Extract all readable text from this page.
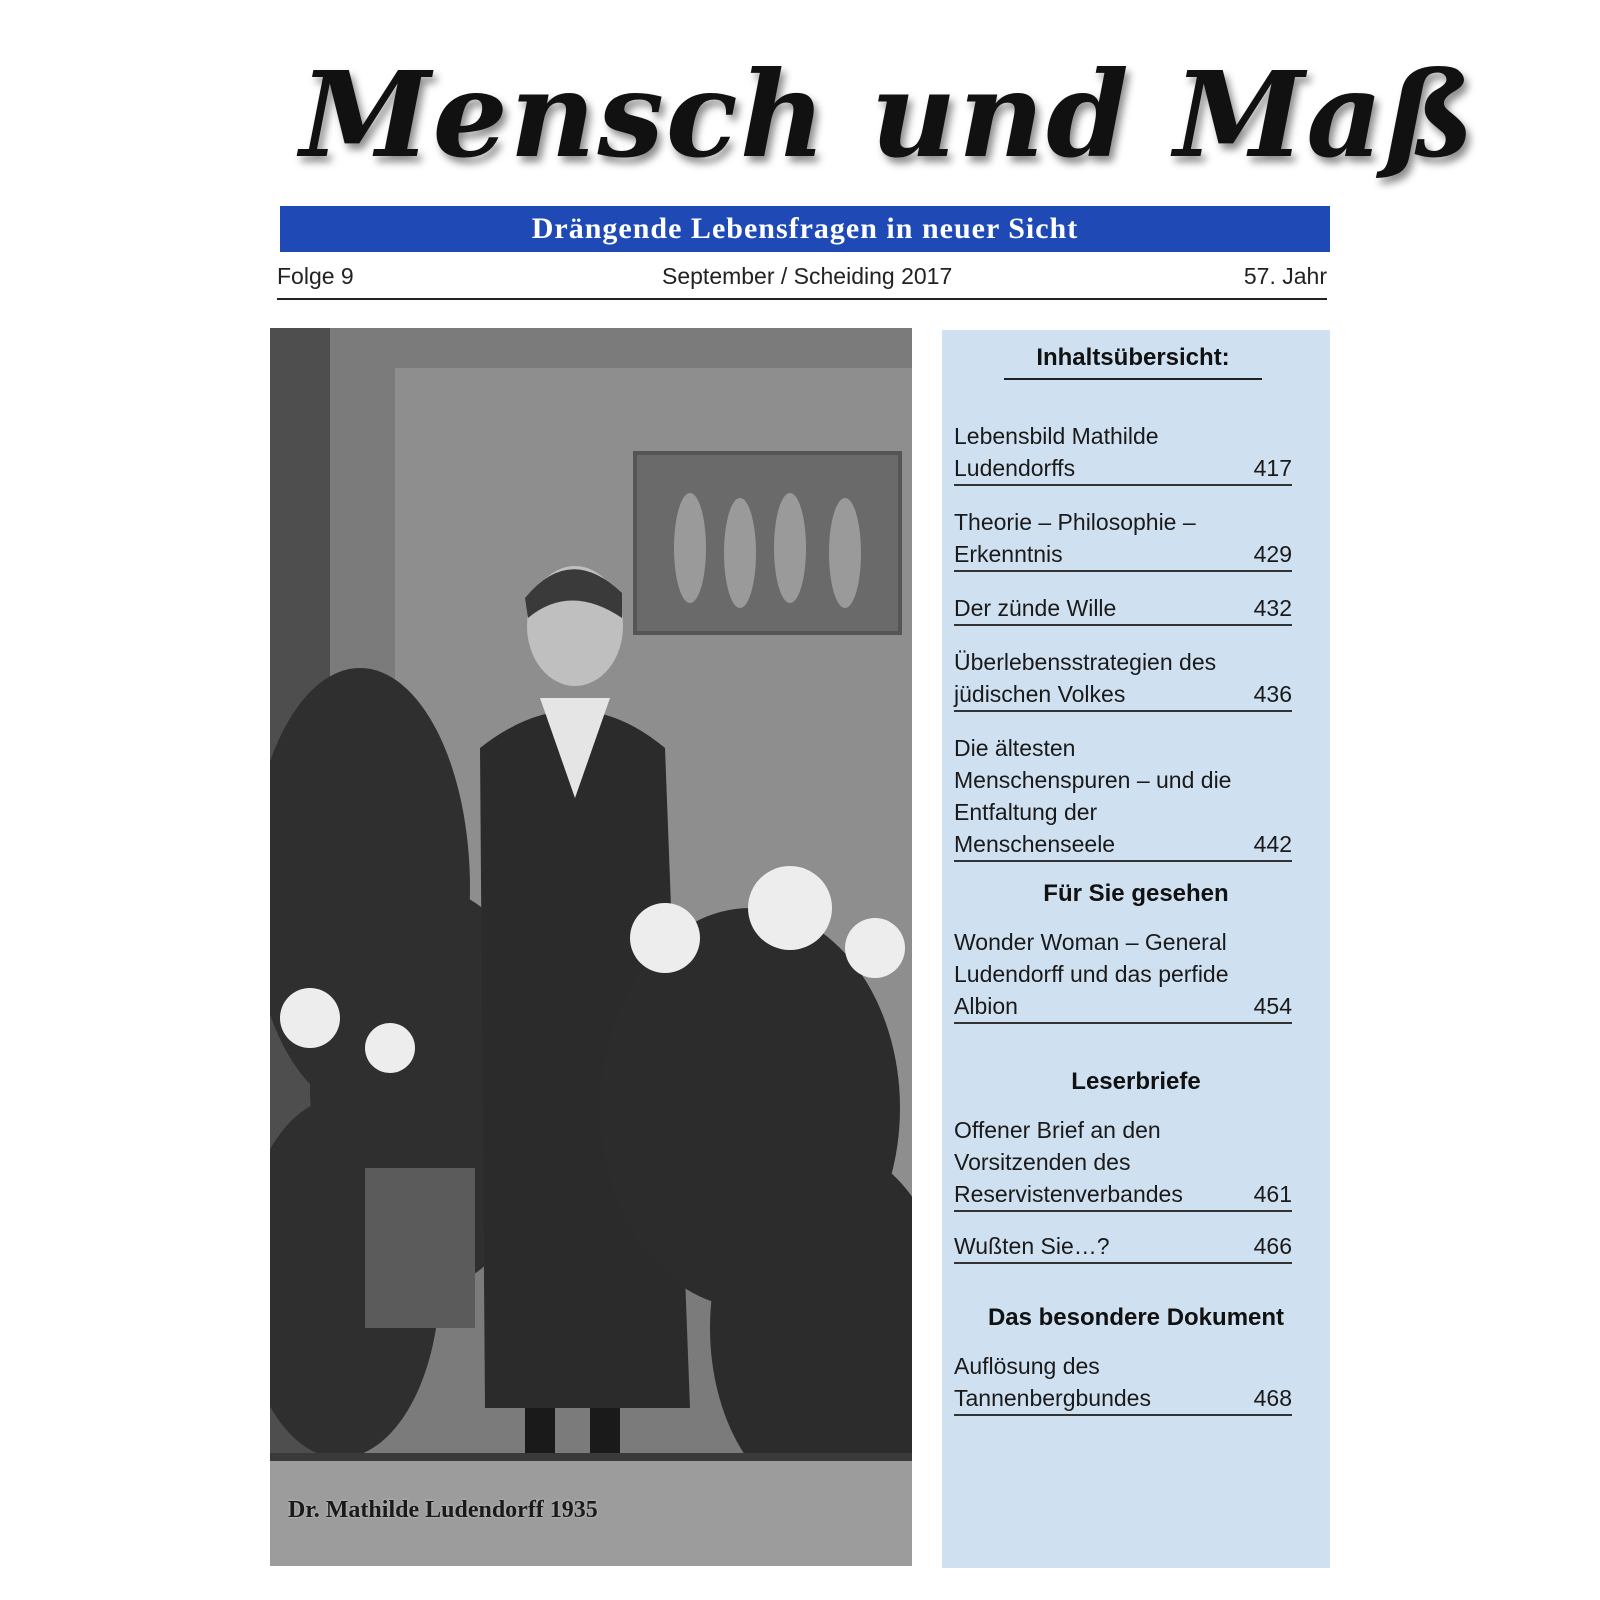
Mensch und Maß
Drängende Lebensfragen in neuer Sicht
Folge 9	September / Scheiding 2017	57. Jahr
Dr. Mathilde Ludendorff 1935
Inhaltsübersicht:
Lebensbild Mathilde Ludendorffs	417
Theorie – Philosophie – Erkenntnis	429
Der zünde Wille	432
Überlebensstrategien des jüdischen Volkes	436
Die ältesten Menschenspuren – und die Entfaltung der Menschenseele	442
Für Sie gesehen
Wonder Woman – General Ludendorff und das perfide Albion	454
Leserbriefe
Offener Brief an den Vorsitzenden des Reservistenverbandes	461
Wußten Sie…?	466
Das besondere Dokument
Auflösung des Tannenbergbundes	468
